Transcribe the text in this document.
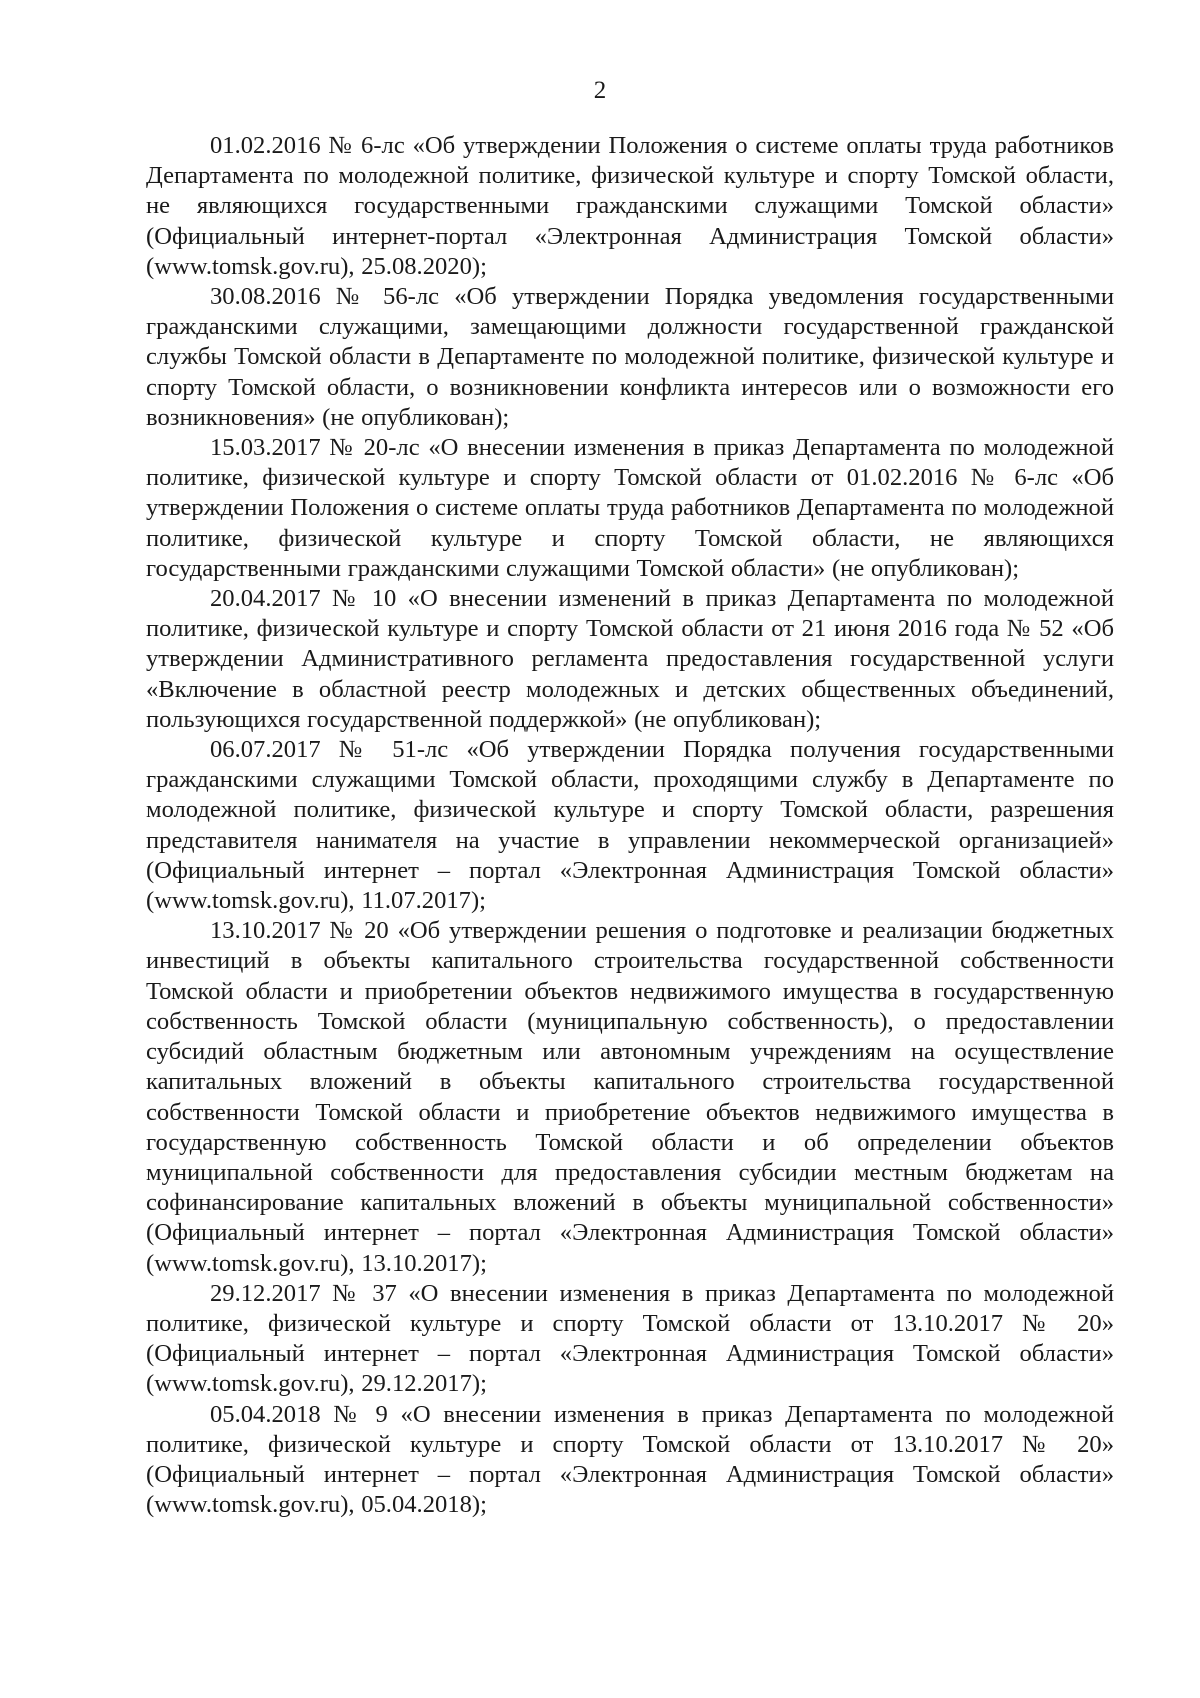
2

01.02.2016 № 6-лс «Об утверждении Положения о системе оплаты труда работников Департамента по молодежной политике, физической культуре и спорту Томской области, не являющихся государственными гражданскими служащими Томской области» (Официальный интернет-портал «Электронная Администрация Томской области» (www.tomsk.gov.ru), 25.08.2020);

30.08.2016 № 56-лс «Об утверждении Порядка уведомления государственными гражданскими служащими, замещающими должности государственной гражданской службы Томской области в Департаменте по молодежной политике, физической культуре и спорту Томской области, о возникновении конфликта интересов или о возможности его возникновения» (не опубликован);

15.03.2017 № 20-лс «О внесении изменения в приказ Департамента по молодежной политике, физической культуре и спорту Томской области от 01.02.2016 № 6-лс «Об утверждении Положения о системе оплаты труда работников Департамента по молодежной политике, физической культуре и спорту Томской области, не являющихся государственными гражданскими служащими Томской области» (не опубликован);

20.04.2017 № 10 «О внесении изменений в приказ Департамента по молодежной политике, физической культуре и спорту Томской области от 21 июня 2016 года № 52 «Об утверждении Административного регламента предоставления государственной услуги «Включение в областной реестр молодежных и детских общественных объединений, пользующихся государственной поддержкой» (не опубликован);

06.07.2017 № 51-лс «Об утверждении Порядка получения государственными гражданскими служащими Томской области, проходящими службу в Департаменте по молодежной политике, физической культуре и спорту Томской области, разрешения представителя нанимателя на участие в управлении некоммерческой организацией» (Официальный интернет – портал «Электронная Администрация Томской области» (www.tomsk.gov.ru), 11.07.2017);

13.10.2017 № 20 «Об утверждении решения о подготовке и реализации бюджетных инвестиций в объекты капитального строительства государственной собственности Томской области и приобретении объектов недвижимого имущества в государственную собственность Томской области (муниципальную собственность), о предоставлении субсидий областным бюджетным или автономным учреждениям на осуществление капитальных вложений в объекты капитального строительства государственной собственности Томской области и приобретение объектов недвижимого имущества в государственную собственность Томской области и об определении объектов муниципальной собственности для предоставления субсидии местным бюджетам на софинансирование капитальных вложений в объекты муниципальной собственности» (Официальный интернет – портал «Электронная Администрация Томской области» (www.tomsk.gov.ru), 13.10.2017);

29.12.2017 № 37 «О внесении изменения в приказ Департамента по молодежной политике, физической культуре и спорту Томской области от 13.10.2017 № 20» (Официальный интернет – портал «Электронная Администрация Томской области» (www.tomsk.gov.ru), 29.12.2017);

05.04.2018 № 9 «О внесении изменения в приказ Департамента по молодежной политике, физической культуре и спорту Томской области от 13.10.2017 № 20» (Официальный интернет – портал «Электронная Администрация Томской области» (www.tomsk.gov.ru), 05.04.2018);
